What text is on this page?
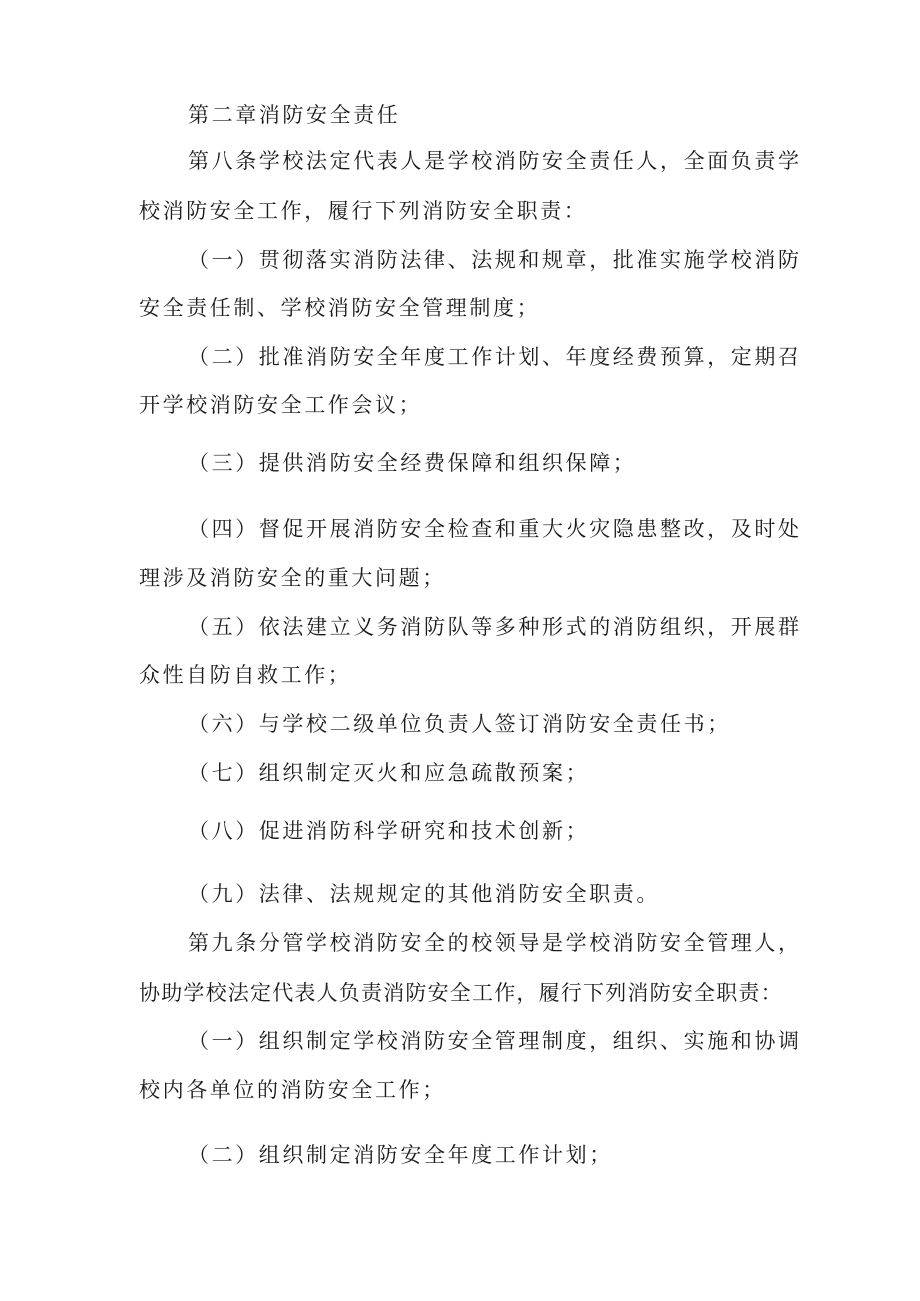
第二章消防安全责任
第八条学校法定代表人是学校消防安全责任人，全面负责学
校消防安全工作，履行下列消防安全职责：
（一）贯彻落实消防法律、法规和规章，批准实施学校消防
安全责任制、学校消防安全管理制度；
（二）批准消防安全年度工作计划、年度经费预算，定期召
开学校消防安全工作会议；
（三）提供消防安全经费保障和组织保障；
（四）督促开展消防安全检查和重大火灾隐患整改，及时处
理涉及消防安全的重大问题；
（五）依法建立义务消防队等多种形式的消防组织，开展群
众性自防自救工作；
（六）与学校二级单位负责人签订消防安全责任书；
（七）组织制定灭火和应急疏散预案；
（八）促进消防科学研究和技术创新；
（九）法律、法规规定的其他消防安全职责。
第九条分管学校消防安全的校领导是学校消防安全管理人，
协助学校法定代表人负责消防安全工作，履行下列消防安全职责：
（一）组织制定学校消防安全管理制度，组织、实施和协调
校内各单位的消防安全工作；
（二）组织制定消防安全年度工作计划；
